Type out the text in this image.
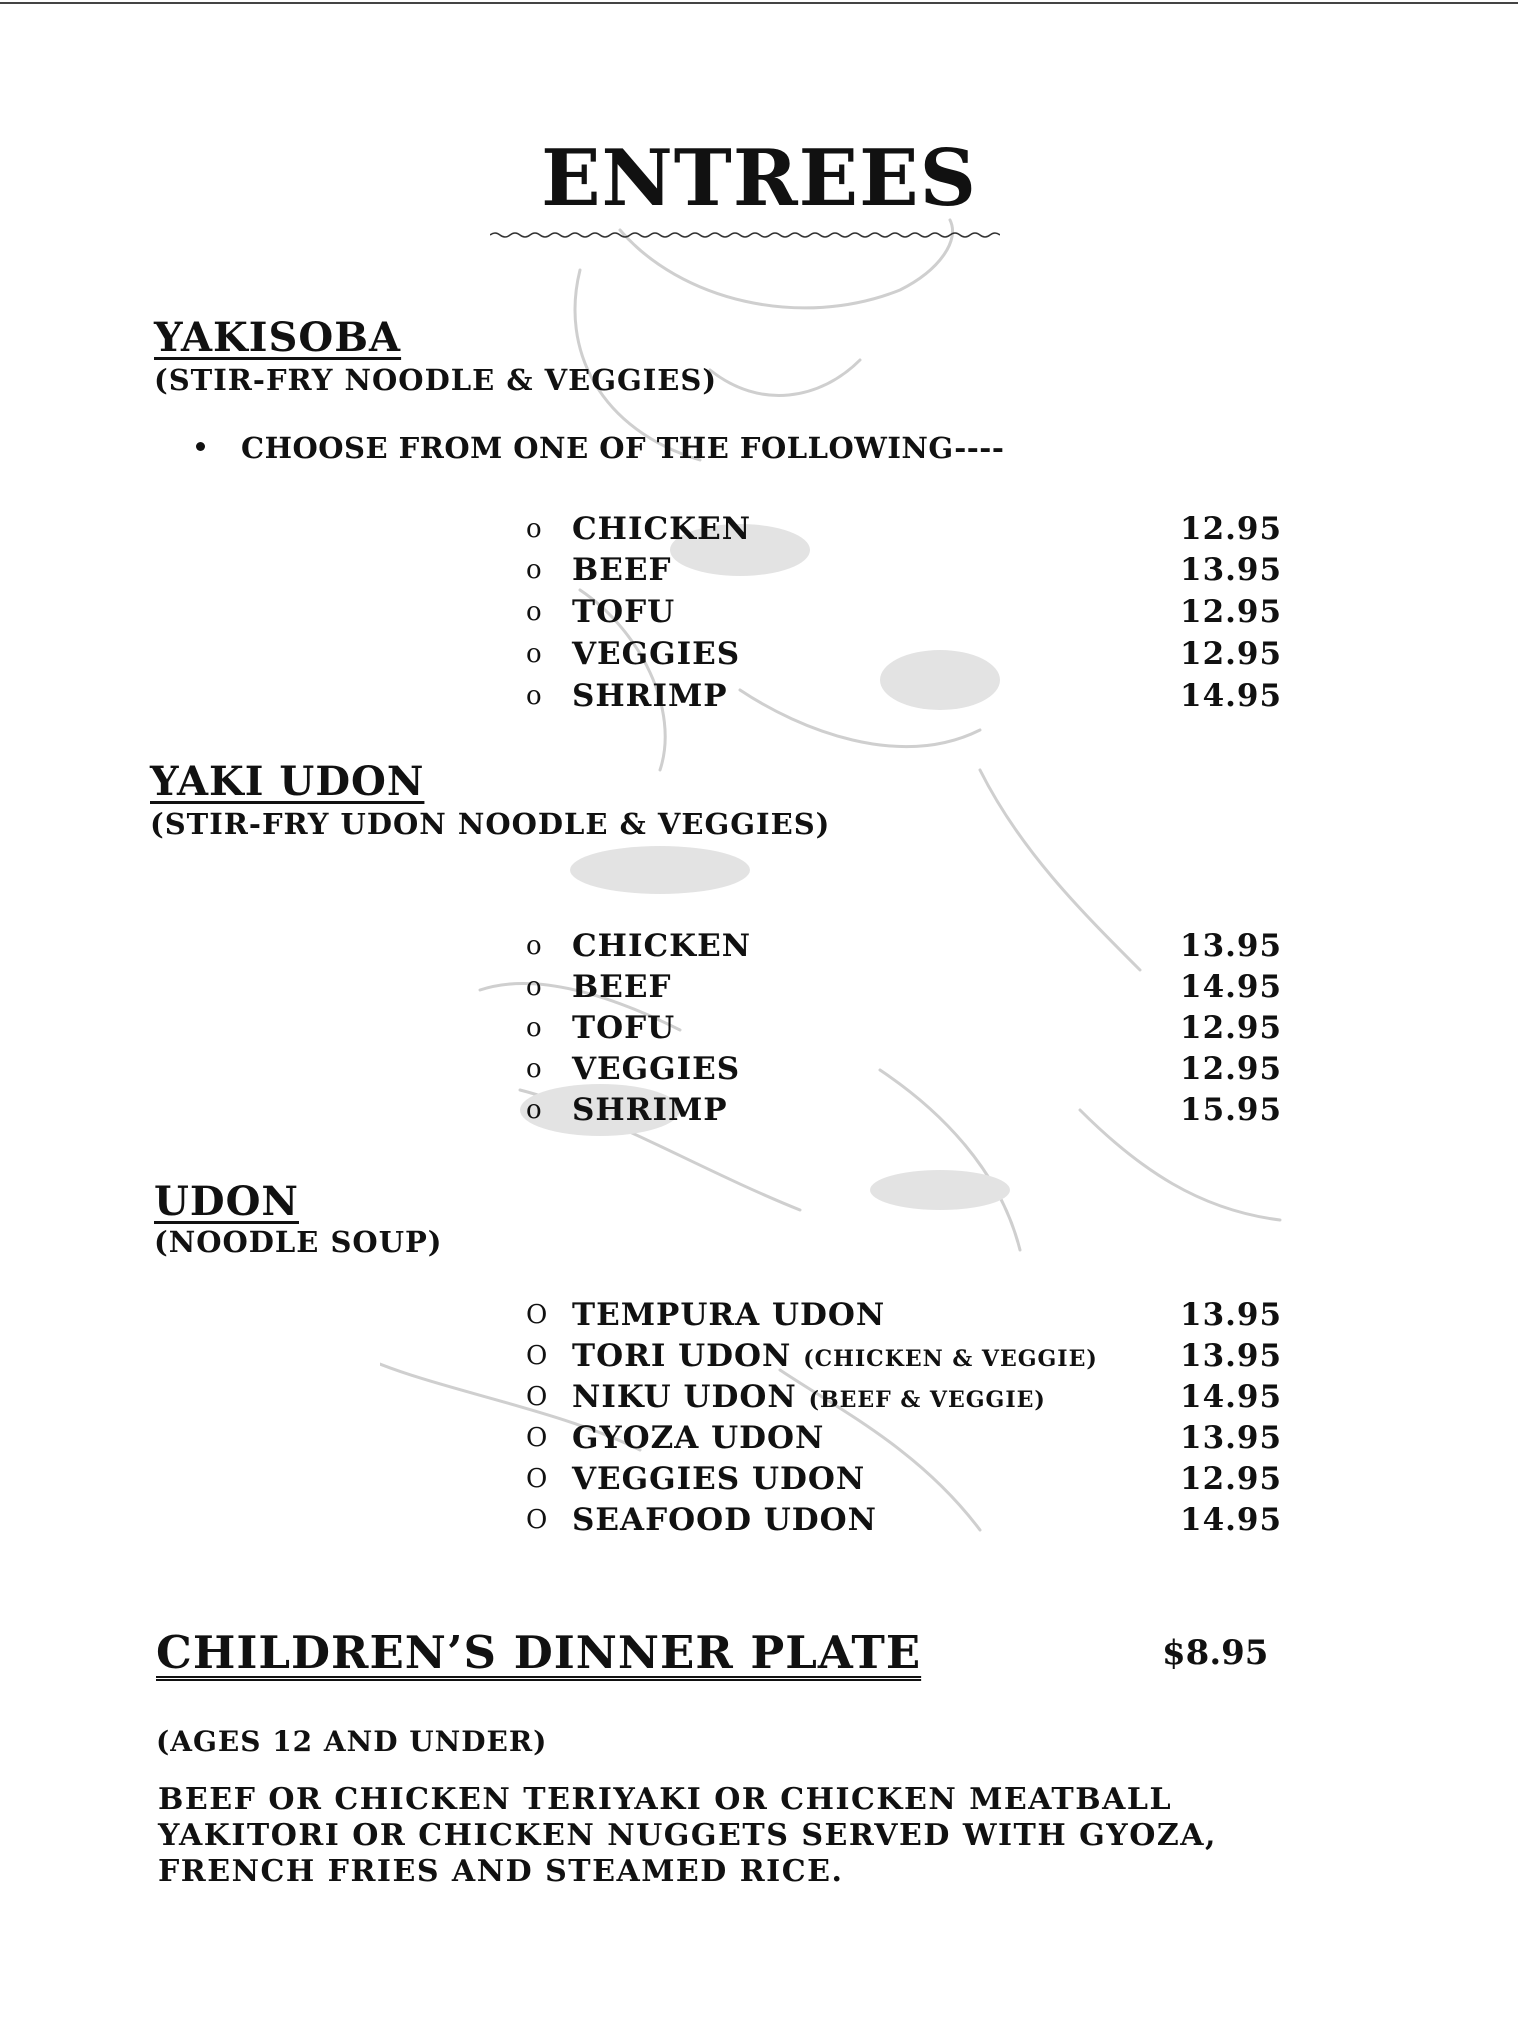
ENTREES
YAKISOBA
(STIR-FRY NOODLE & VEGGIES)
CHOOSE FROM ONE OF THE FOLLOWING----
o CHICKEN	12.95
o BEEF	13.95
o TOFU	12.95
o VEGGIES	12.95
o SHRIMP	14.95
YAKI UDON
(STIR-FRY UDON NOODLE & VEGGIES)
o CHICKEN	13.95
o BEEF	14.95
o TOFU	12.95
o VEGGIES	12.95
o SHRIMP	15.95
UDON
(NOODLE SOUP)
O TEMPURA UDON	13.95
O TORI UDON (CHICKEN & VEGGIE)	13.95
O NIKU UDON (BEEF & VEGGIE)	14.95
O GYOZA UDON	13.95
O VEGGIES UDON	12.95
O SEAFOOD UDON	14.95
CHILDREN’S DINNER PLATE	$8.95
(AGES 12 AND UNDER)
BEEF OR CHICKEN TERIYAKI OR CHICKEN MEATBALL
YAKITORI OR CHICKEN NUGGETS SERVED WITH GYOZA,
FRENCH FRIES AND STEAMED RICE.
